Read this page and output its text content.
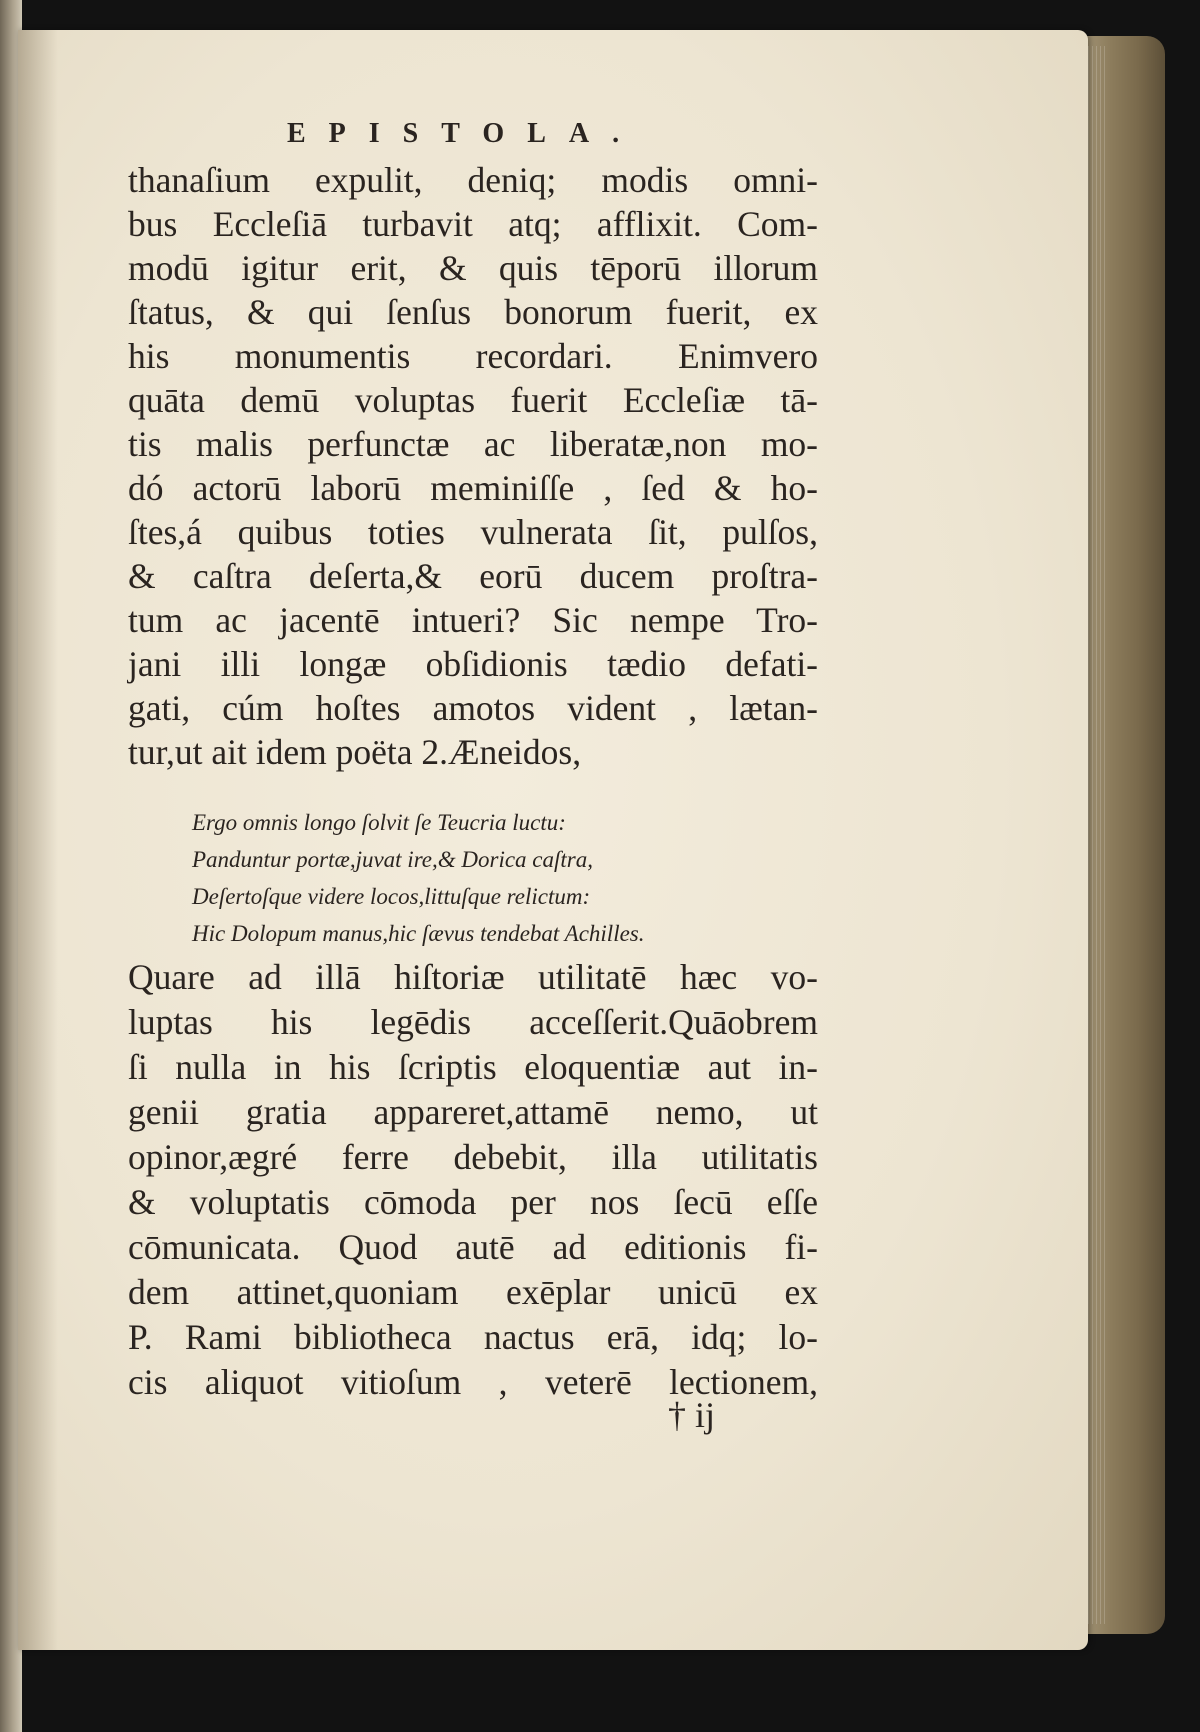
EPISTOLA.
thanaſium expulit, deniq; modis omni-
bus Eccleſiā turbavit atq; afflixit. Com-
modū igitur erit, & quis tēporū illorum
ſtatus, & qui ſenſus bonorum fuerit, ex
his monumentis recordari. Enimvero
quāta demū voluptas fuerit Eccleſiæ tā-
tis malis perfunctæ ac liberatæ,non mo-
dó actorū laborū meminiſſe , ſed & ho-
ſtes,á quibus toties vulnerata ſit, pulſos,
& caſtra deſerta,& eorū ducem proſtra-
tum ac jacentē intueri? Sic nempe Tro-
jani illi longæ obſidionis tædio defati-
gati, cúm hoſtes amotos vident , lætan-
tur,ut ait idem poëta 2.Æneidos,
Ergo omnis longo ſolvit ſe Teucria luctu:
Panduntur portæ,juvat ire,& Dorica caſtra,
Deſertoſque videre locos,littuſque relictum:
Hic Dolopum manus,hic ſævus tendebat Achilles.
Quare ad illā hiſtoriæ utilitatē hæc vo-
luptas his legēdis acceſſerit.Quāobrem
ſi nulla in his ſcriptis eloquentiæ aut in-
genii gratia appareret,attamē nemo, ut
opinor,ægré ferre debebit, illa utilitatis
& voluptatis cōmoda per nos ſecū eſſe
cōmunicata. Quod autē ad editionis fi-
dem attinet,quoniam exēplar unicū ex
P. Rami bibliotheca nactus erā, idq; lo-
cis aliquot vitioſum , veterē lectionem,
† ij
